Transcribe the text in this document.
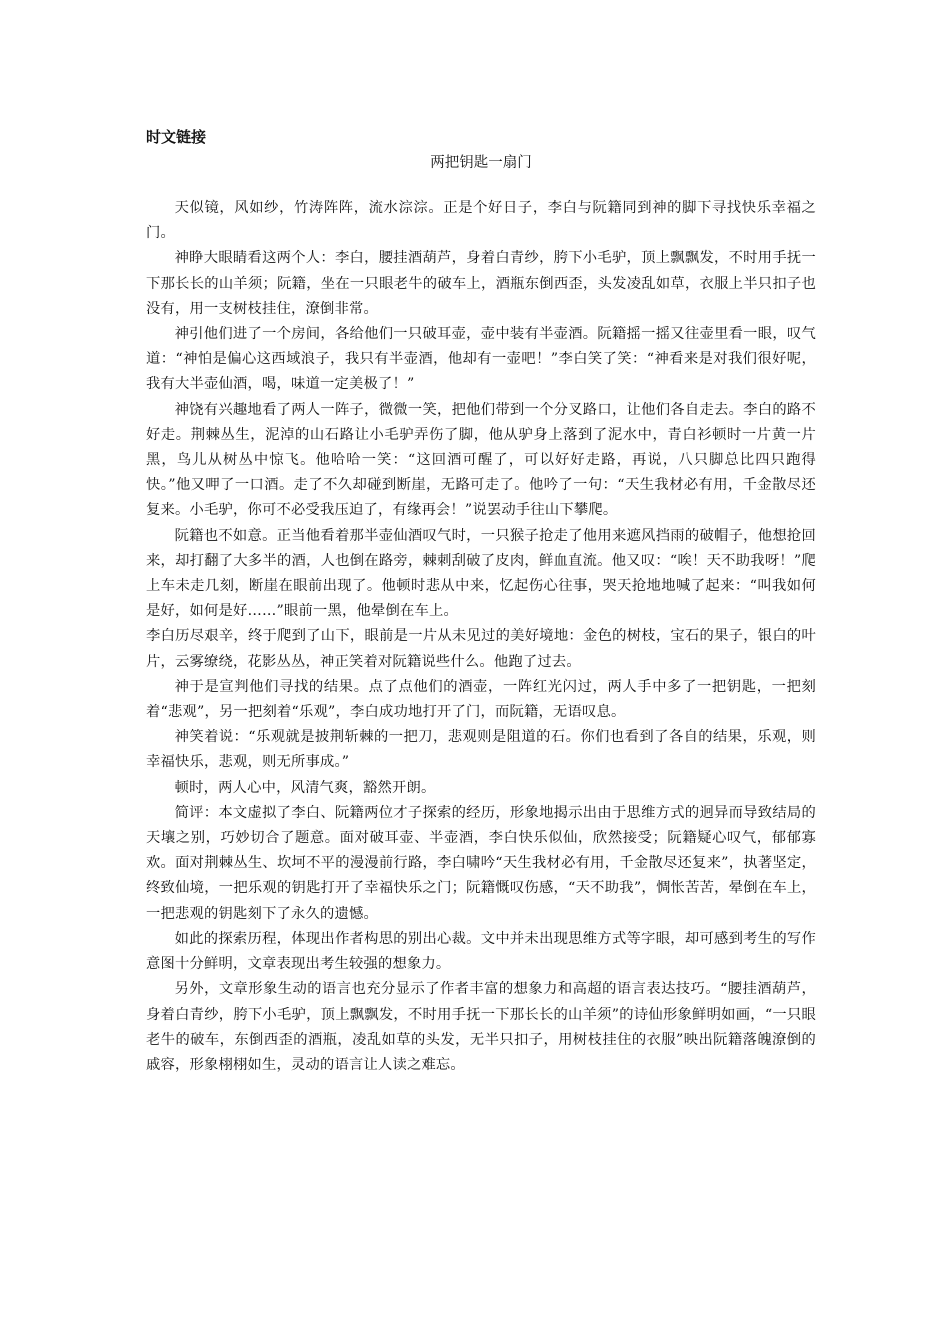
时文链接

两把钥匙一扇门

天似镜，风如纱，竹涛阵阵，流水淙淙。正是个好日子，李白与阮籍同到神的脚下寻找快乐幸福之门。

神睁大眼睛看这两个人：李白，腰挂酒葫芦，身着白青纱，胯下小毛驴，顶上飘飘发，不时用手抚一下那长长的山羊须；阮籍，坐在一只眼老牛的破车上，酒瓶东倒西歪，头发凌乱如草，衣服上半只扣子也没有，用一支树枝挂住，潦倒非常。

神引他们进了一个房间，各给他们一只破耳壶，壶中装有半壶酒。阮籍摇一摇又往壶里看一眼，叹气道：“神怕是偏心这西域浪子，我只有半壶酒，他却有一壶吧！”李白笑了笑：“神看来是对我们很好呢，我有大半壶仙酒，喝，味道一定美极了！”

神饶有兴趣地看了两人一阵子，微微一笑，把他们带到一个分叉路口，让他们各自走去。李白的路不好走。荆棘丛生，泥淖的山石路让小毛驴弄伤了脚，他从驴身上落到了泥水中，青白衫顿时一片黄一片黑，鸟儿从树丛中惊飞。他哈哈一笑：“这回酒可醒了，可以好好走路，再说，八只脚总比四只跑得快。”他又呷了一口酒。走了不久却碰到断崖，无路可走了。他吟了一句：“天生我材必有用，千金散尽还复来。小毛驴，你可不必受我压迫了，有缘再会！”说罢动手往山下攀爬。

阮籍也不如意。正当他看着那半壶仙酒叹气时，一只猴子抢走了他用来遮风挡雨的破帽子，他想抢回来，却打翻了大多半的酒，人也倒在路旁，棘刺刮破了皮肉，鲜血直流。他又叹：“唉！天不助我呀！”爬上车未走几刻，断崖在眼前出现了。他顿时悲从中来，忆起伤心往事，哭天抢地地喊了起来：“叫我如何是好，如何是好……”眼前一黑，他晕倒在车上。

李白历尽艰辛，终于爬到了山下，眼前是一片从未见过的美好境地：金色的树枝，宝石的果子，银白的叶片，云雾缭绕，花影丛丛，神正笑着对阮籍说些什么。他跑了过去。

神于是宣判他们寻找的结果。点了点他们的酒壶，一阵红光闪过，两人手中多了一把钥匙，一把刻着“悲观”，另一把刻着“乐观”，李白成功地打开了门，而阮籍，无语叹息。

神笑着说：“乐观就是披荆斩棘的一把刀，悲观则是阻道的石。你们也看到了各自的结果，乐观，则幸福快乐，悲观，则无所事成。”

顿时，两人心中，风清气爽，豁然开朗。

简评：本文虚拟了李白、阮籍两位才子探索的经历，形象地揭示出由于思维方式的迥异而导致结局的天壤之别，巧妙切合了题意。面对破耳壶、半壶酒，李白快乐似仙，欣然接受；阮籍疑心叹气，郁郁寡欢。面对荆棘丛生、坎坷不平的漫漫前行路，李白啸吟“天生我材必有用，千金散尽还复来”，执著坚定，终致仙境，一把乐观的钥匙打开了幸福快乐之门；阮籍慨叹伤感，“天不助我”，惆怅苦苦，晕倒在车上，一把悲观的钥匙刻下了永久的遗憾。

如此的探索历程，体现出作者构思的别出心裁。文中并未出现思维方式等字眼，却可感到考生的写作意图十分鲜明，文章表现出考生较强的想象力。

另外，文章形象生动的语言也充分显示了作者丰富的想象力和高超的语言表达技巧。“腰挂酒葫芦，身着白青纱，胯下小毛驴，顶上飘飘发，不时用手抚一下那长长的山羊须”的诗仙形象鲜明如画，“一只眼老牛的破车，东倒西歪的酒瓶，凌乱如草的头发，无半只扣子，用树枝挂住的衣服”映出阮籍落魄潦倒的戚容，形象栩栩如生，灵动的语言让人读之难忘。
